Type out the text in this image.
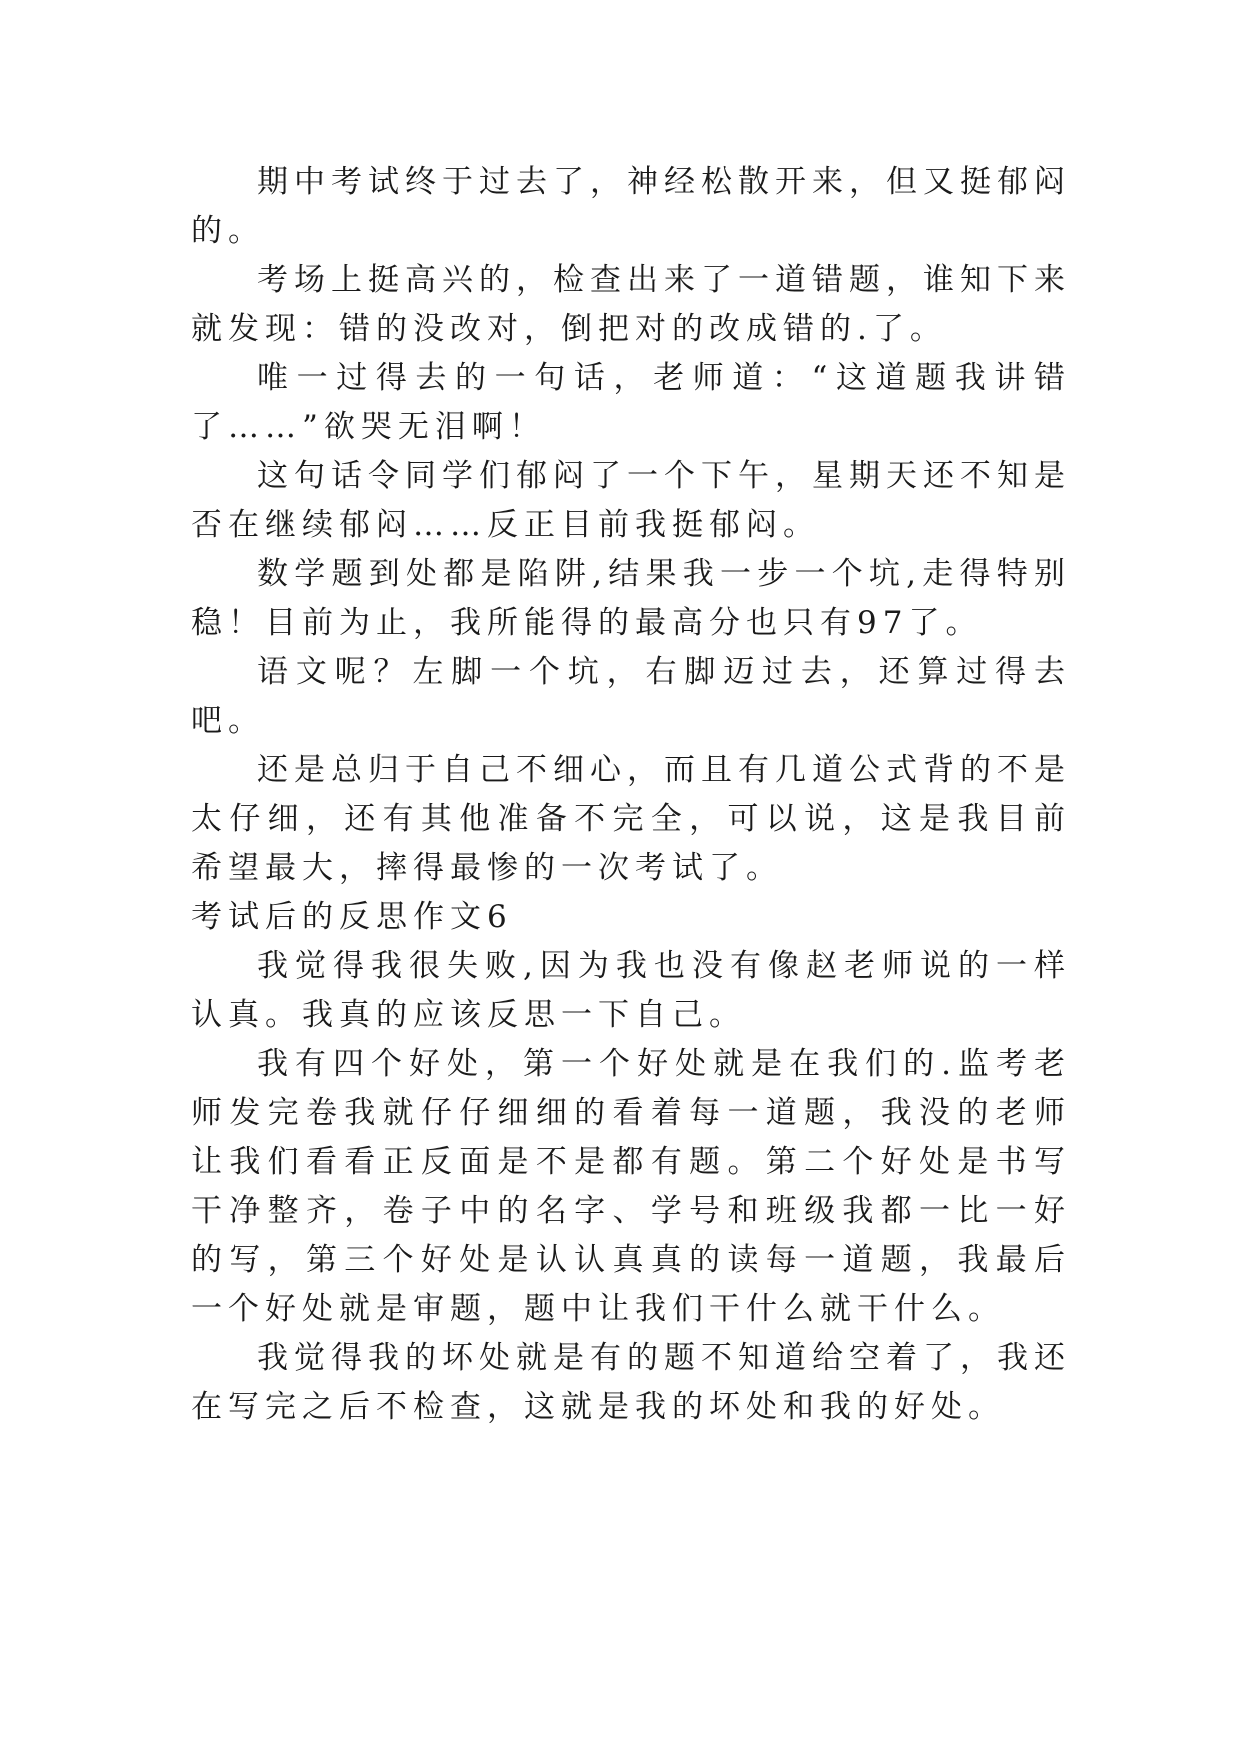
期中考试终于过去了，神经松散开来，但又挺郁闷的。

考场上挺高兴的，检查出来了一道错题，谁知下来就发现：错的没改对，倒把对的改成错的.了。

唯一过得去的一句话，老师道：“这道题我讲错了……”欲哭无泪啊！

这句话令同学们郁闷了一个下午，星期天还不知是否在继续郁闷……反正目前我挺郁闷。

数学题到处都是陷阱,结果我一步一个坑,走得特别稳！目前为止，我所能得的最高分也只有97了。

语文呢？左脚一个坑，右脚迈过去，还算过得去吧。

还是总归于自己不细心，而且有几道公式背的不是太仔细，还有其他准备不完全，可以说，这是我目前希望最大，摔得最惨的一次考试了。

考试后的反思作文6

我觉得我很失败,因为我也没有像赵老师说的一样认真。我真的应该反思一下自己。

我有四个好处，第一个好处就是在我们的.监考老师发完卷我就仔仔细细的看着每一道题，我没的老师让我们看看正反面是不是都有题。第二个好处是书写干净整齐，卷子中的名字、学号和班级我都一比一好的写，第三个好处是认认真真的读每一道题，我最后一个好处就是审题，题中让我们干什么就干什么。

我觉得我的坏处就是有的题不知道给空着了，我还在写完之后不检查，这就是我的坏处和我的好处。
